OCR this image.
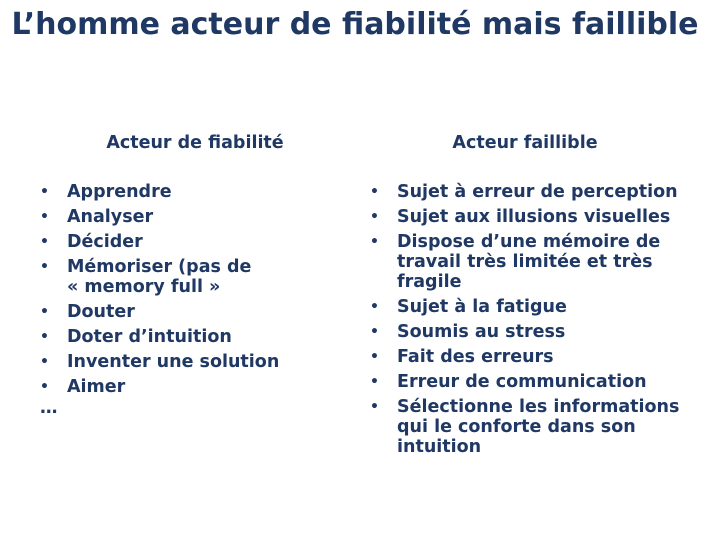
L’homme acteur de fiabilité mais faillible
Acteur de fiabilité
• Apprendre
• Analyser
• Décider
• Mémoriser (pas de « memory full »
• Douter
• Doter d’intuition
• Inventer une solution
• Aimer
…
Acteur faillible
• Sujet à erreur de perception
• Sujet aux illusions visuelles
• Dispose d’une mémoire de travail très limitée et très fragile
• Sujet à la fatigue
• Soumis au stress
• Fait des erreurs
• Erreur de communication
• Sélectionne les informations qui le conforte dans son intuition
